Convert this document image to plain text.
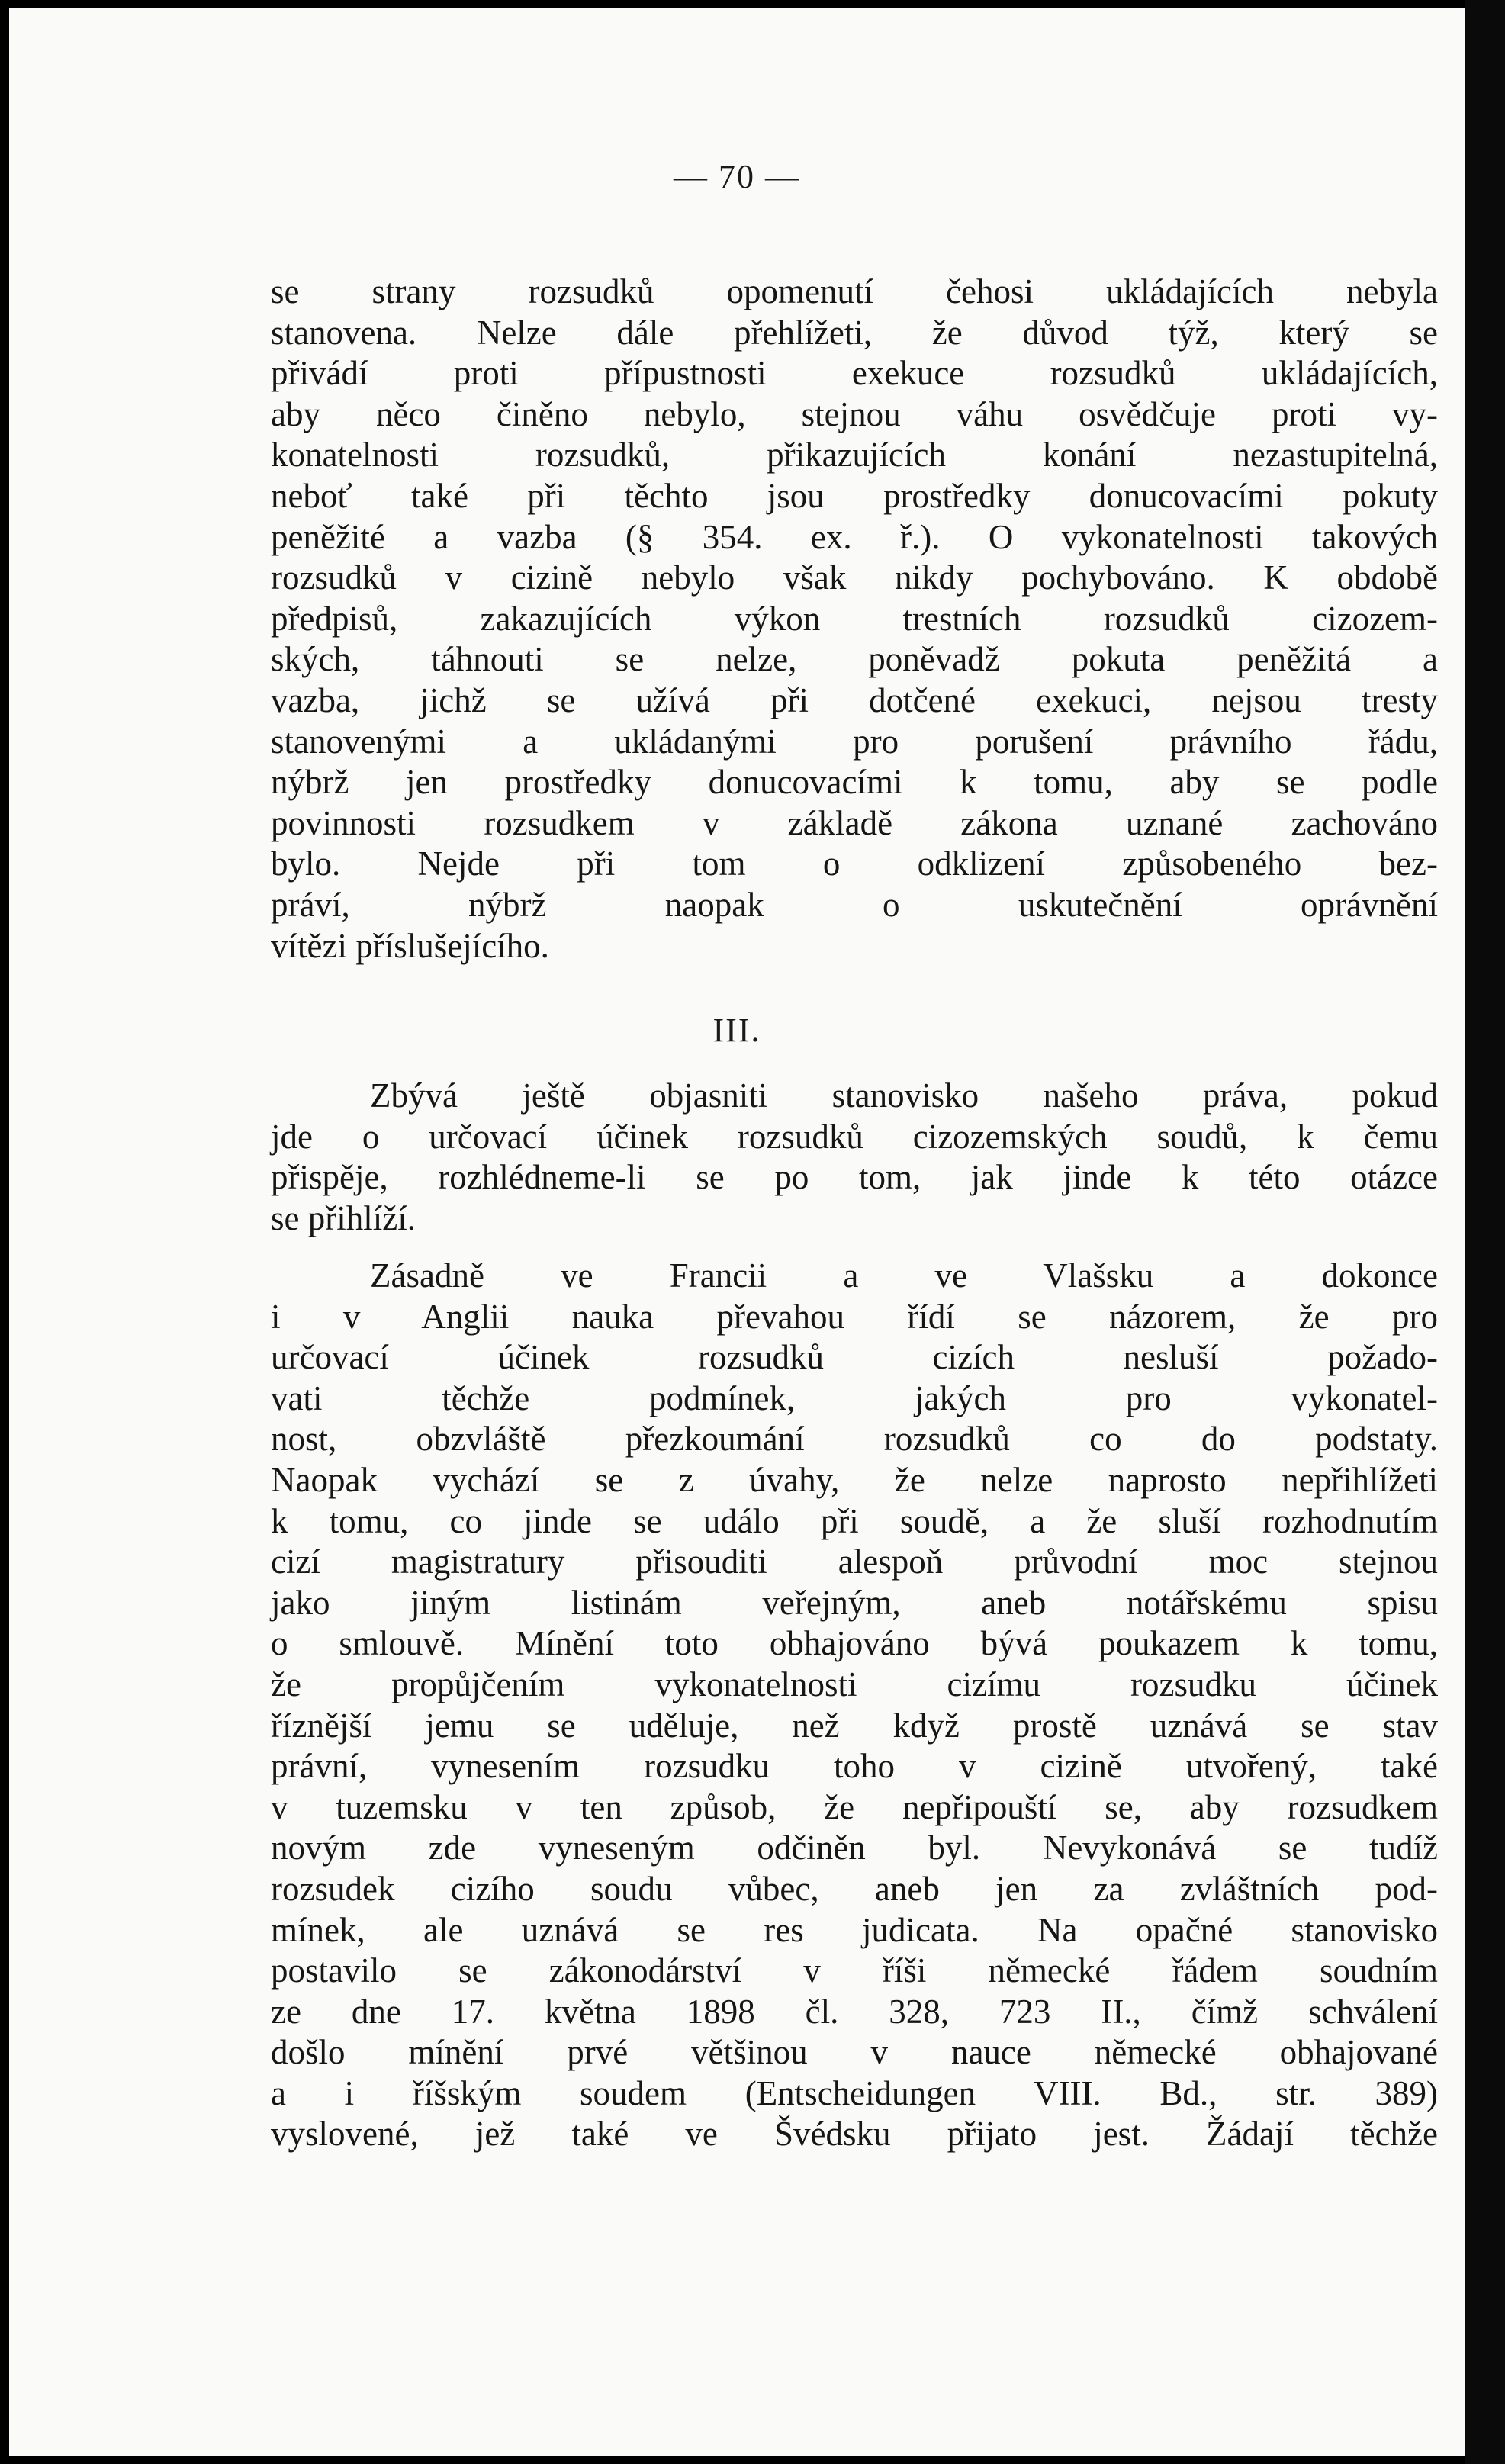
— 70 —
se strany rozsudků opomenutí čehosi ukládajících nebyla
stanovena. Nelze dále přehlížeti, že důvod týž, který se
přivádí proti přípustnosti exekuce rozsudků ukládajících,
aby něco činěno nebylo, stejnou váhu osvědčuje proti vy-
konatelnosti rozsudků, přikazujících konání nezastupitelná,
neboť také při těchto jsou prostředky donucovacími pokuty
peněžité a vazba (§ 354. ex. ř.). O vykonatelnosti takových
rozsudků v cizině nebylo však nikdy pochybováno. K obdobě
předpisů, zakazujících výkon trestních rozsudků cizozem-
ských, táhnouti se nelze, poněvadž pokuta peněžitá a
vazba, jichž se užívá při dotčené exekuci, nejsou tresty
stanovenými a ukládanými pro porušení právního řádu,
nýbrž jen prostředky donucovacími k tomu, aby se podle
povinnosti rozsudkem v základě zákona uznané zachováno
bylo. Nejde při tom o odklizení způsobeného bez-
práví, nýbrž naopak o uskutečnění oprávnění
vítězi příslušejícího.
III.
Zbývá ještě objasniti stanovisko našeho práva, pokud
jde o určovací účinek rozsudků cizozemských soudů, k čemu
přispěje, rozhlédneme-li se po tom, jak jinde k této otázce
se přihlíží.
Zásadně ve Francii a ve Vlašsku a dokonce
i v Anglii nauka převahou řídí se názorem, že pro
určovací účinek rozsudků cizích nesluší požado-
vati těchže podmínek, jakých pro vykonatel-
nost, obzvláště přezkoumání rozsudků co do podstaty.
Naopak vychází se z úvahy, že nelze naprosto nepřihlížeti
k tomu, co jinde se událo při soudě, a že sluší rozhodnutím
cizí magistratury přisouditi alespoň průvodní moc stejnou
jako jiným listinám veřejným, aneb notářskému spisu
o smlouvě. Mínění toto obhajováno bývá poukazem k tomu,
že propůjčením vykonatelnosti cizímu rozsudku účinek
říznější jemu se uděluje, než když prostě uznává se stav
právní, vynesením rozsudku toho v cizině utvořený, také
v tuzemsku v ten způsob, že nepřipouští se, aby rozsudkem
novým zde vyneseným odčiněn byl. Nevykonává se tudíž
rozsudek cizího soudu vůbec, aneb jen za zvláštních pod-
mínek, ale uznává se res judicata. Na opačné stanovisko
postavilo se zákonodárství v říši německé řádem soudním
ze dne 17. května 1898 čl. 328, 723 II., čímž schválení
došlo mínění prvé většinou v nauce německé obhajované
a i říšským soudem (Entscheidungen VIII. Bd., str. 389)
vyslovené, jež také ve Švédsku přijato jest. Žádají těchže
